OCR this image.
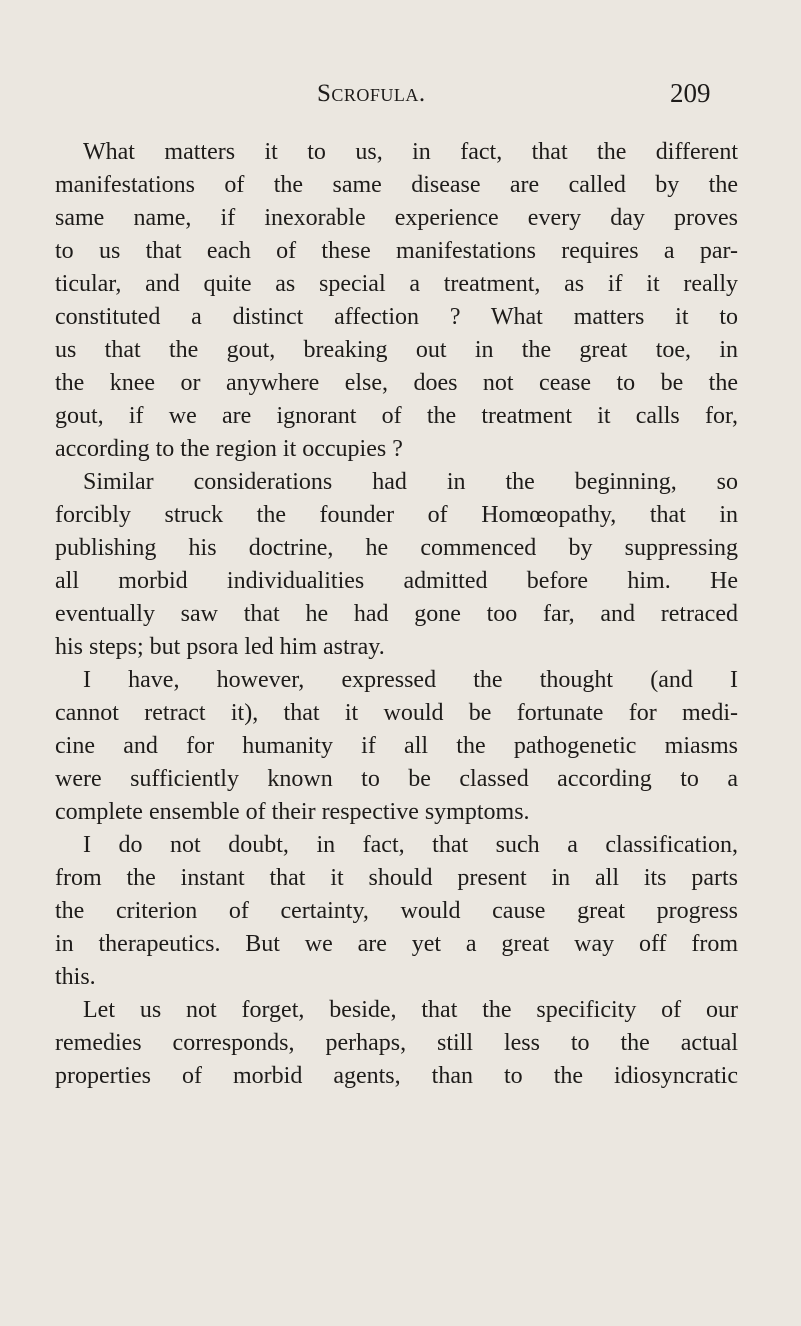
Scrofula.	209
What matters it to us, in fact, that the different
manifestations of the same disease are called by the
same name, if inexorable experience every day proves
to us that each of these manifestations requires a par-
ticular, and quite as special a treatment, as if it really
constituted a distinct affection ? What matters it to
us that the gout, breaking out in the great toe, in
the knee or anywhere else, does not cease to be the
gout, if we are ignorant of the treatment it calls for,
according to the region it occupies ?
Similar considerations had in the beginning, so
forcibly struck the founder of Homœopathy, that in
publishing his doctrine, he commenced by suppressing
all morbid individualities admitted before him. He
eventually saw that he had gone too far, and retraced
his steps; but psora led him astray.
I have, however, expressed the thought (and I
cannot retract it), that it would be fortunate for medi-
cine and for humanity if all the pathogenetic miasms
were sufficiently known to be classed according to a
complete ensemble of their respective symptoms.
I do not doubt, in fact, that such a classification,
from the instant that it should present in all its parts
the criterion of certainty, would cause great progress
in therapeutics. But we are yet a great way off from
this.
Let us not forget, beside, that the specificity of our
remedies corresponds, perhaps, still less to the actual
properties of morbid agents, than to the idiosyncratic
